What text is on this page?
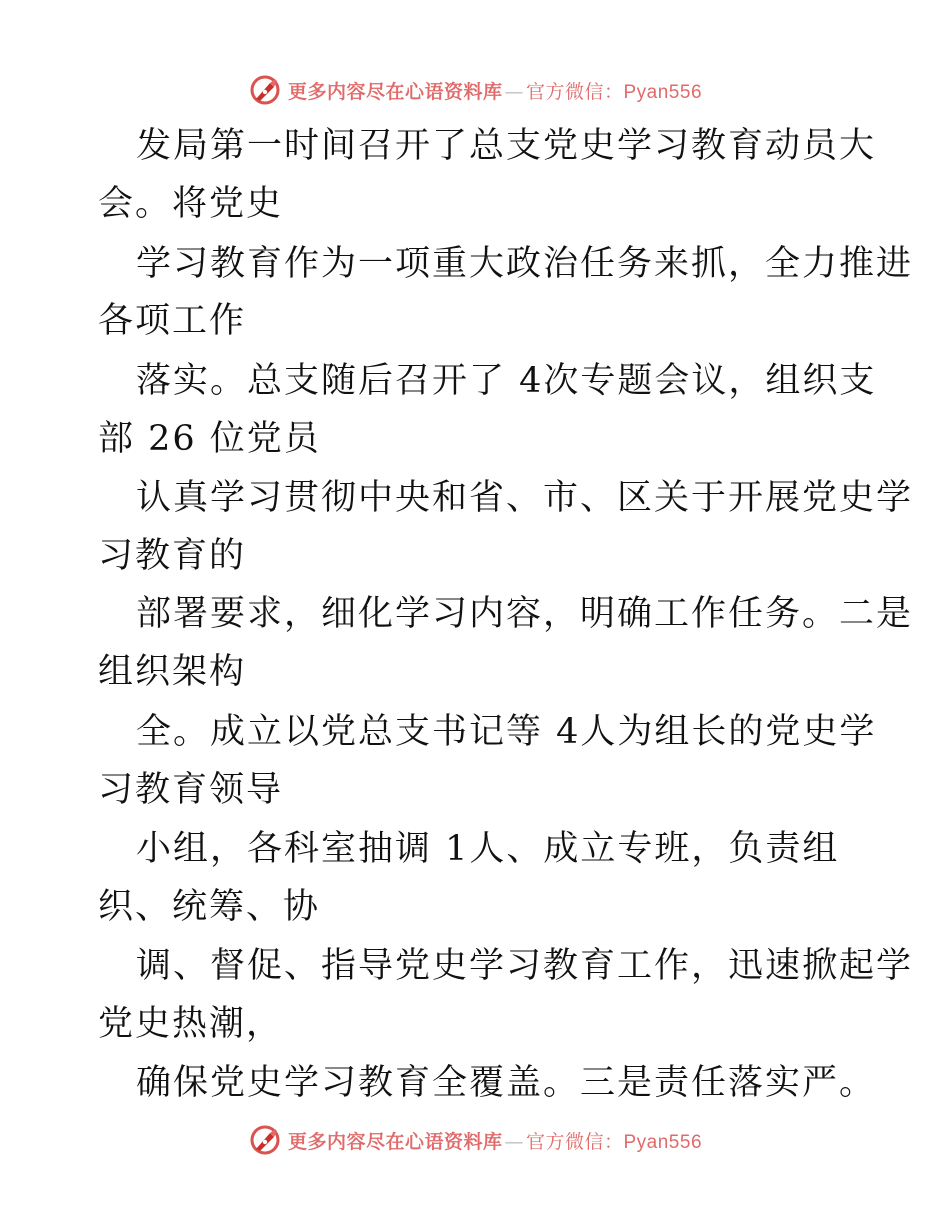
更多内容尽在心语资料库 — 官方微信：Pyan556
发局第一时间召开了总支党史学习教育动员大
会。将党史
学习教育作为一项重大政治任务来抓，全力推进
各项工作
落实。总支随后召开了 4次专题会议，组织支
部 26 位党员
认真学习贯彻中央和省、市、区关于开展党史学
习教育的
部署要求，细化学习内容，明确工作任务。二是
组织架构
全。成立以党总支书记等 4人为组长的党史学
习教育领导
小组，各科室抽调 1人、成立专班，负责组
织、统筹、协
调、督促、指导党史学习教育工作，迅速掀起学
党史热潮，
确保党史学习教育全覆盖。三是责任落实严。
更多内容尽在心语资料库 — 官方微信：Pyan556
